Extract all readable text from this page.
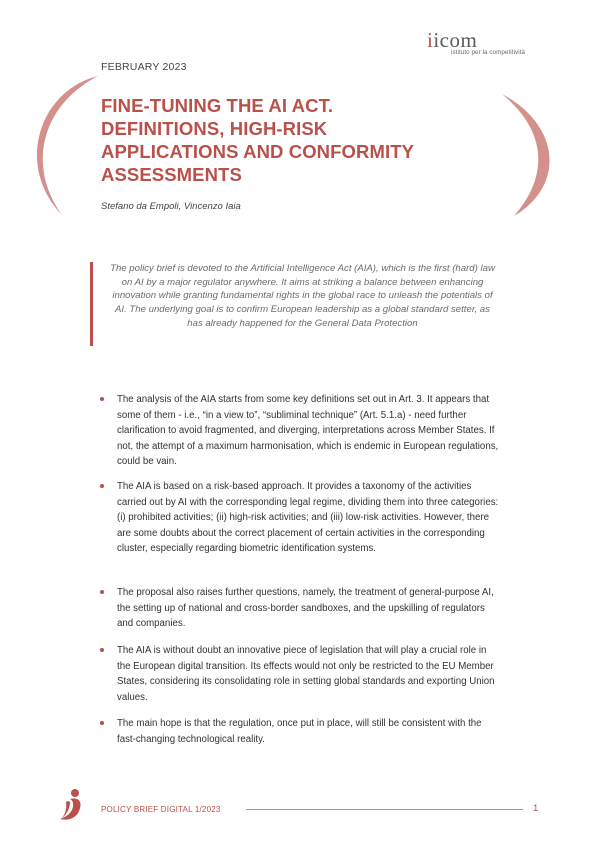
iicom
istituto per la competitività
FEBRUARY 2023
FINE-TUNING THE AI ACT. DEFINITIONS, HIGH-RISK APPLICATIONS AND CONFORMITY ASSESSMENTS
Stefano da Empoli, Vincenzo Iaia

The policy brief is devoted to the Artificial Intelligence Act (AIA), which is the first (hard) law on AI by a major regulator anywhere. It aims at striking a balance between enhancing innovation while granting fundamental rights in the global race to unleash the potentials of AI. The underlying goal is to confirm European leadership as a global standard setter, as has already happened for the General Data Protection

The analysis of the AIA starts from some key definitions set out in Art. 3. It appears that some of them - i.e., “in a view to”, “subliminal technique” (Art. 5.1.a) - need further clarification to avoid fragmented, and diverging, interpretations across Member States. If not, the attempt of a maximum harmonisation, which is endemic in European regulations, could be vain.

The AIA is based on a risk-based approach. It provides a taxonomy of the activities carried out by AI with the corresponding legal regime, dividing them into three categories: (i) prohibited activities; (ii) high-risk activities; and (iii) low-risk activities. However, there are some doubts about the correct placement of certain activities in the corresponding cluster, especially regarding biometric identification systems.

The proposal also raises further questions, namely, the treatment of general-purpose AI, the setting up of national and cross-border sandboxes, and the upskilling of regulators and companies.

The AIA is without doubt an innovative piece of legislation that will play a crucial role in the European digital transition. Its effects would not only be restricted to the EU Member States, considering its consolidating role in setting global standards and exporting Union values.

The main hope is that the regulation, once put in place, will still be consistent with the fast-changing technological reality.

POLICY BRIEF DIGITAL 1/2023	1
